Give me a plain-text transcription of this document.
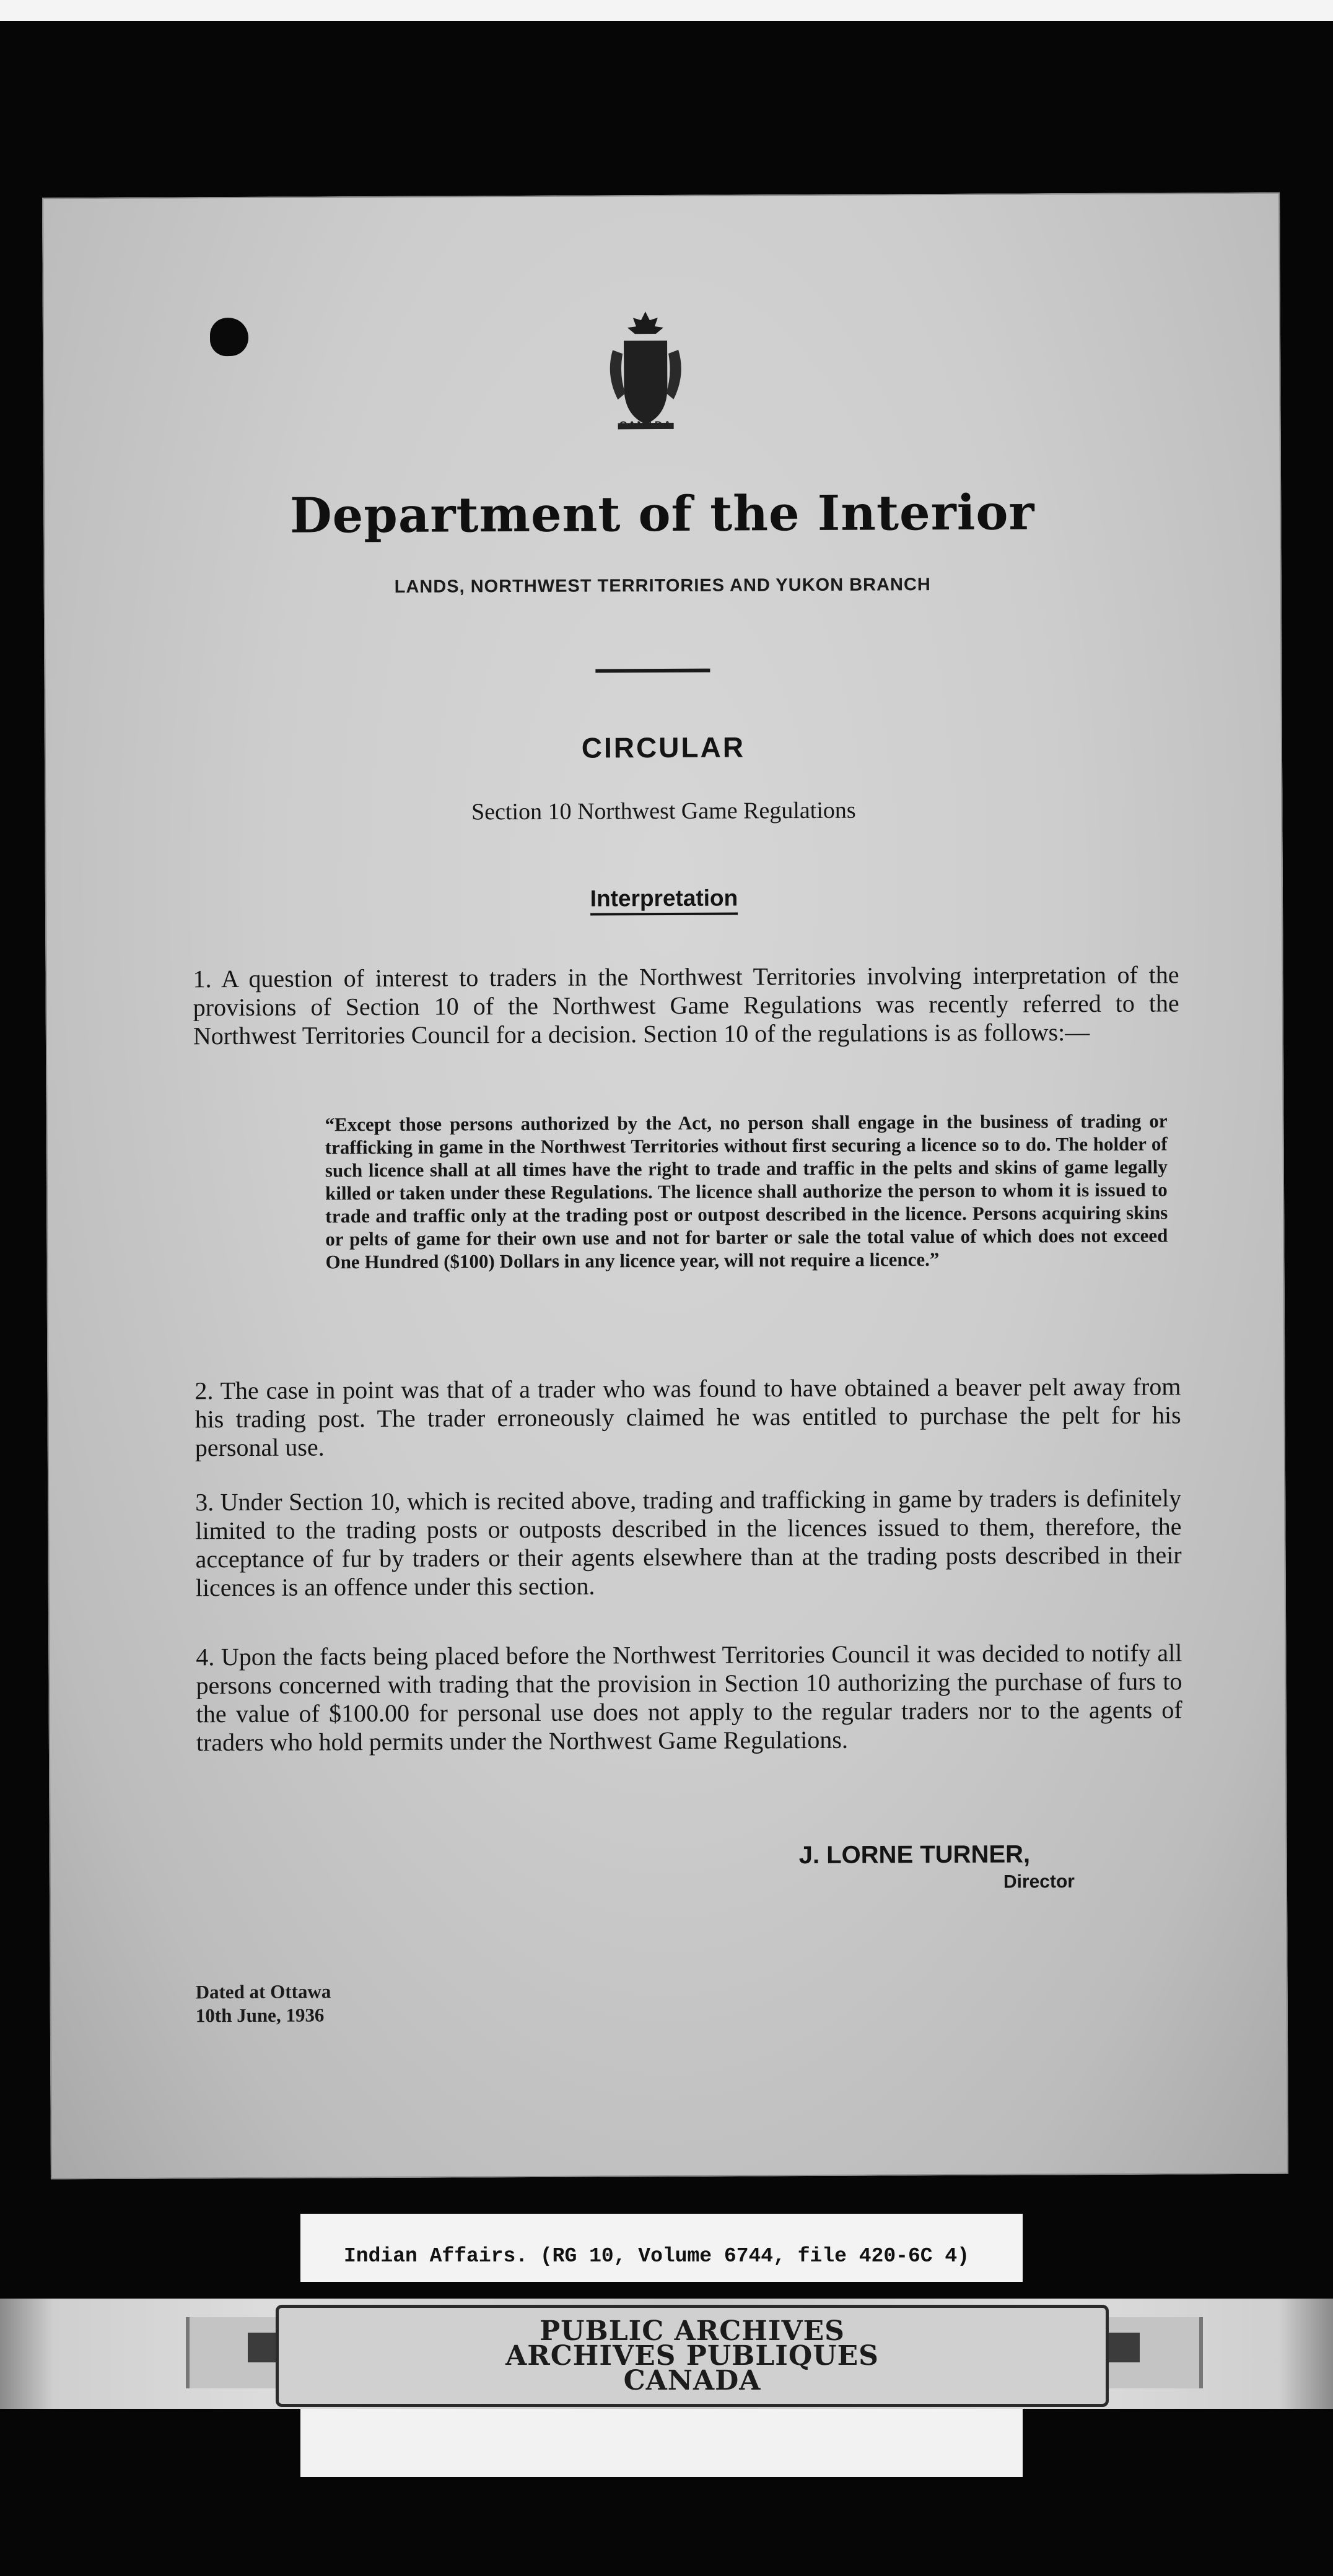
CANADA
Department of the Interior
LANDS, NORTHWEST TERRITORIES AND YUKON BRANCH
CIRCULAR
Section 10 Northwest Game Regulations
Interpretation
1. A question of interest to traders in the Northwest Territories involving interpretation of the provisions of Section 10 of the Northwest Game Regulations was recently referred to the Northwest Territories Council for a decision. Section 10 of the regulations is as follows:—
“Except those persons authorized by the Act, no person shall engage in the business of trading or trafficking in game in the Northwest Territories without first securing a licence so to do. The holder of such licence shall at all times have the right to trade and traffic in the pelts and skins of game legally killed or taken under these Regulations. The licence shall authorize the person to whom it is issued to trade and traffic only at the trading post or outpost described in the licence. Persons acquiring skins or pelts of game for their own use and not for barter or sale the total value of which does not exceed One Hundred ($100) Dollars in any licence year, will not require a licence.”
2. The case in point was that of a trader who was found to have obtained a beaver pelt away from his trading post. The trader erroneously claimed he was entitled to purchase the pelt for his personal use.
3. Under Section 10, which is recited above, trading and trafficking in game by traders is definitely limited to the trading posts or outposts described in the licences issued to them, therefore, the acceptance of fur by traders or their agents elsewhere than at the trading posts described in their licences is an offence under this section.
4. Upon the facts being placed before the Northwest Territories Council it was decided to notify all persons concerned with trading that the provision in Section 10 authorizing the purchase of furs to the value of $100.00 for personal use does not apply to the regular traders nor to the agents of traders who hold permits under the Northwest Game Regulations.
J. LORNE TURNER,
Director
Dated at Ottawa
10th June, 1936
Indian Affairs. (RG 10, Volume 6744, file 420-6C 4)
PUBLIC ARCHIVES
ARCHIVES PUBLIQUES
CANADA
